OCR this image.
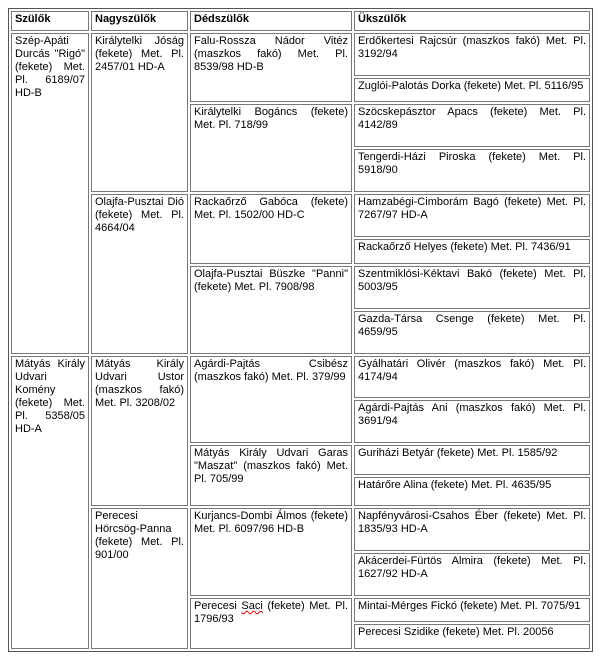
Szülők	Nagyszülők	Dédszülők	Ükszülők
Szép-Apáti Durcás "Rigó" (fekete) Met. Pl. 6189/07 HD-B	Királytelki Jóság (fekete) Met. Pl. 2457/01 HD-A	Falu-Rossza Nádor Vitéz (maszkos fakó) Met. Pl. 8539/98 HD-B	Erdőkertesi Rajcsúr (maszkos fakó) Met. Pl. 3192/94
			Zuglói-Palotás Dorka (fekete) Met. Pl. 5116/95
		Királytelki Bogáncs (fekete) Met. Pl. 718/99	Szöcskepásztor Apacs (fekete) Met. Pl. 4142/89
			Tengerdi-Házi Piroska (fekete) Met. Pl. 5918/90
	Olajfa-Pusztai Dió (fekete) Met. Pl. 4664/04	Rackaőrző Gabóca (fekete) Met. Pl. 1502/00 HD-C	Hamzabégi-Cimborám Bagó (fekete) Met. Pl. 7267/97 HD-A
			Rackaőrző Helyes (fekete) Met. Pl. 7436/91
		Olajfa-Pusztai Büszke "Panni" (fekete) Met. Pl. 7908/98	Szentmiklósi-Kéktavi Bakó (fekete) Met. Pl. 5003/95
			Gazda-Társa Csenge (fekete) Met. Pl. 4659/95
Mátyás Király Udvari Komény (fekete) Met. Pl. 5358/05 HD-A	Mátyás Király Udvari Ustor (maszkos fakó) Met. Pl. 3208/02	Agárdi-Pajtás Csibész (maszkos fakó) Met. Pl. 379/99	Gyálhatári Olivér (maszkos fakó) Met. Pl. 4174/94
			Agárdi-Pajtás Ani (maszkos fakó) Met. Pl. 3691/94
		Mátyás Király Udvari Garas "Maszat" (maszkos fakó) Met. Pl. 705/99	Guriházi Betyár (fekete) Met. Pl. 1585/92
			Határőre Alina (fekete) Met. Pl. 4635/95
	Perecesi Hörcsög-Panna (fekete) Met. Pl. 901/00	Kurjancs-Dombi Álmos (fekete) Met. Pl. 6097/96 HD-B	Napfényvárosi-Csahos Éber (fekete) Met. Pl. 1835/93 HD-A
			Akácerdei-Fürtös Almira (fekete) Met. Pl. 1627/92 HD-A
		Perecesi Saci (fekete) Met. Pl. 1796/93	Mintai-Mérges Fickó (fekete) Met. Pl. 7075/91
			Perecesi Szidike (fekete) Met. Pl. 20056
